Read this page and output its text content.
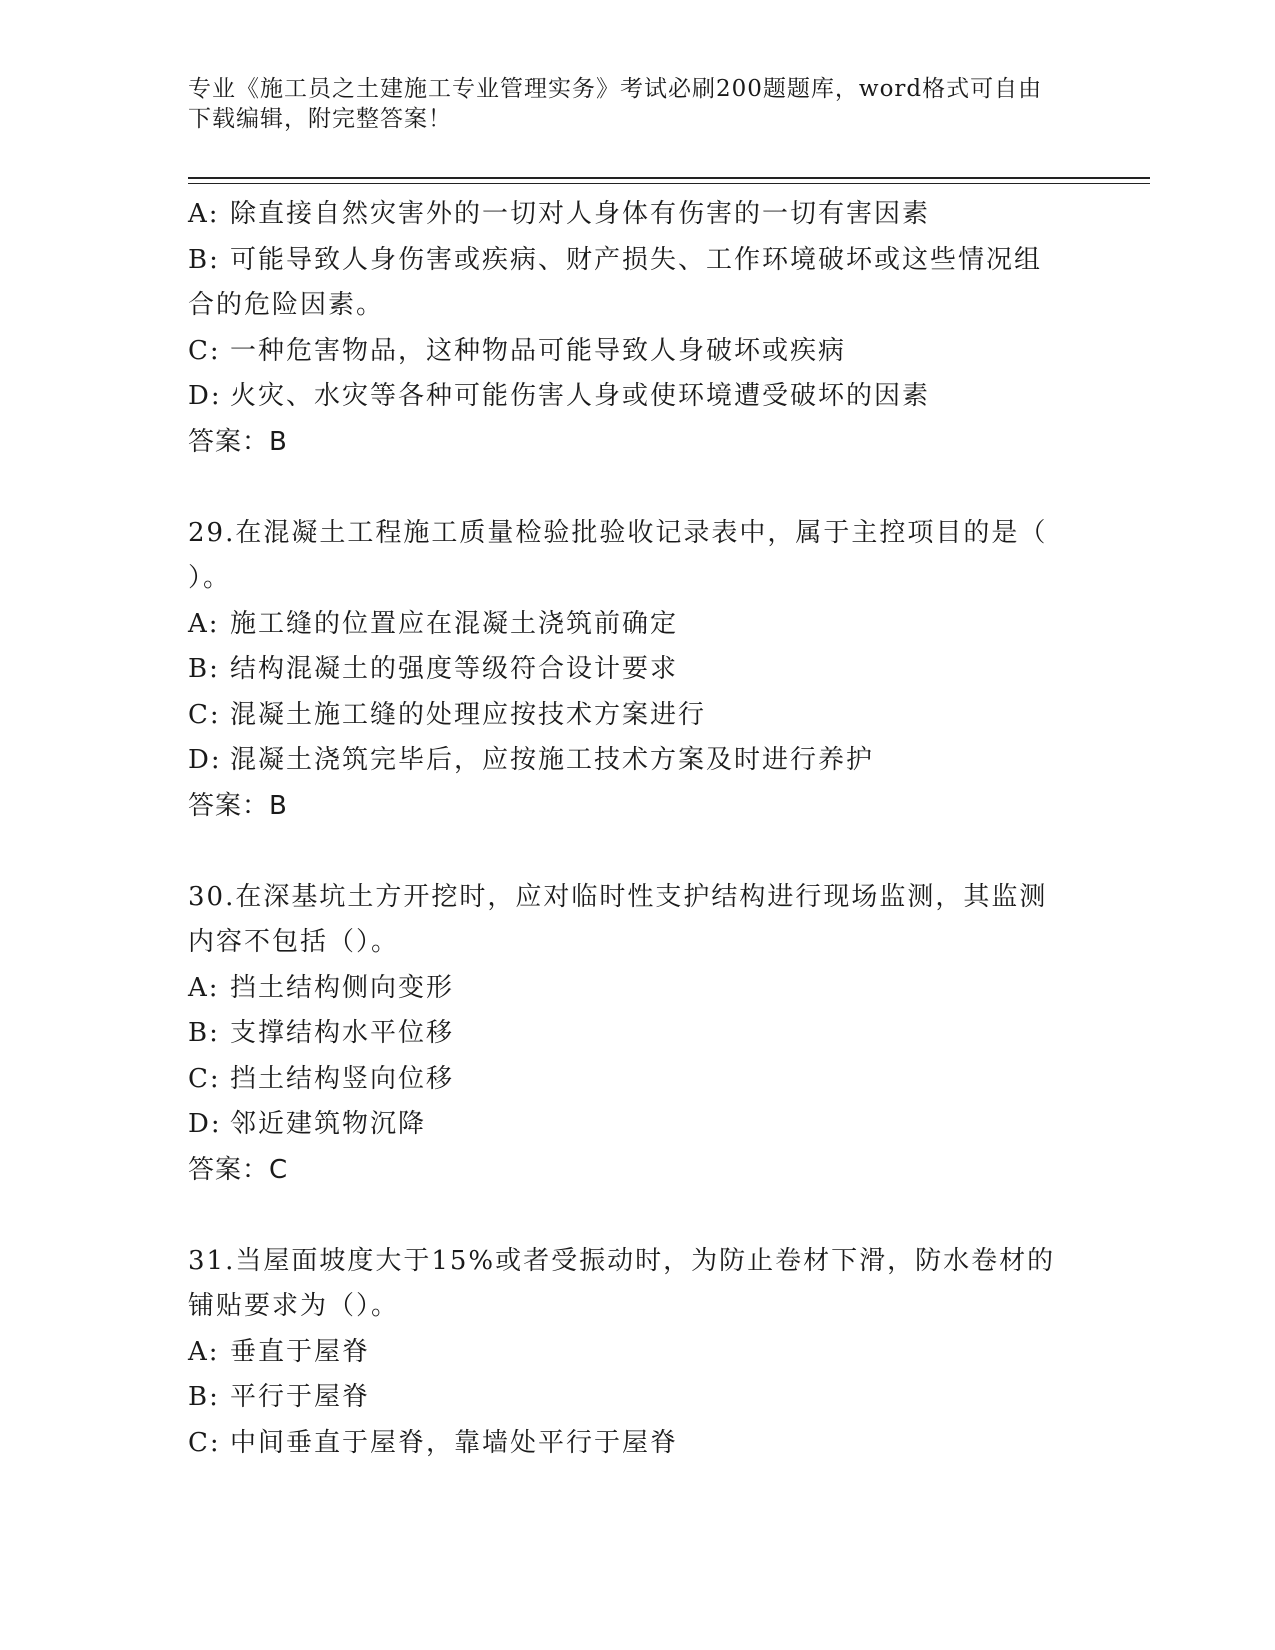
专业《施工员之土建施工专业管理实务》考试必刷200题题库，word格式可自由
下载编辑，附完整答案！
A: 除直接自然灾害外的一切对人身体有伤害的一切有害因素
B: 可能导致人身伤害或疾病、财产损失、工作环境破坏或这些情况组
合的危险因素。
C: 一种危害物品，这种物品可能导致人身破坏或疾病
D: 火灾、水灾等各种可能伤害人身或使环境遭受破坏的因素
答案：B
29.在混凝土工程施工质量检验批验收记录表中，属于主控项目的是（
）。
A: 施工缝的位置应在混凝土浇筑前确定
B: 结构混凝土的强度等级符合设计要求
C: 混凝土施工缝的处理应按技术方案进行
D: 混凝土浇筑完毕后，应按施工技术方案及时进行养护
答案：B
30.在深基坑土方开挖时，应对临时性支护结构进行现场监测，其监测
内容不包括（）。
A: 挡土结构侧向变形
B: 支撑结构水平位移
C: 挡土结构竖向位移
D: 邻近建筑物沉降
答案：C
31.当屋面坡度大于15%或者受振动时，为防止卷材下滑，防水卷材的
铺贴要求为（）。
A: 垂直于屋脊
B: 平行于屋脊
C: 中间垂直于屋脊，靠墙处平行于屋脊
